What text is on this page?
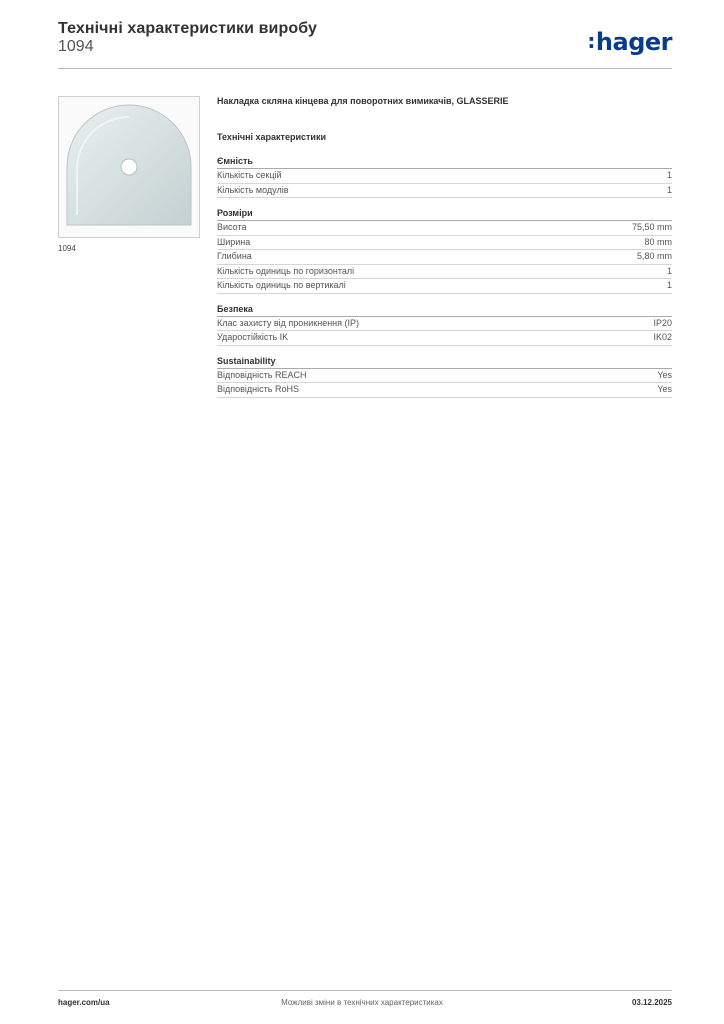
Технічні характеристики виробу
1094	:hager
1094
Накладка скляна кінцева для поворотних вимикачів, GLASSERIE
Технічні характеристики
Ємність
Кількість секцій	1
Кількість модулів	1
Розміри
Висота	75,50 mm
Ширина	80 mm
Глибина	5,80 mm
Кількість одиниць по горизонталі	1
Кількість одиниць по вертикалі	1
Безпека
Клас захисту від проникнення (IP)	IP20
Ударостійкість IK	IK02
Sustainability
Відповідність REACH	Yes
Відповідність RoHS	Yes
hager.com/ua	Можливі зміни в технічних характеристиках	03.12.2025
